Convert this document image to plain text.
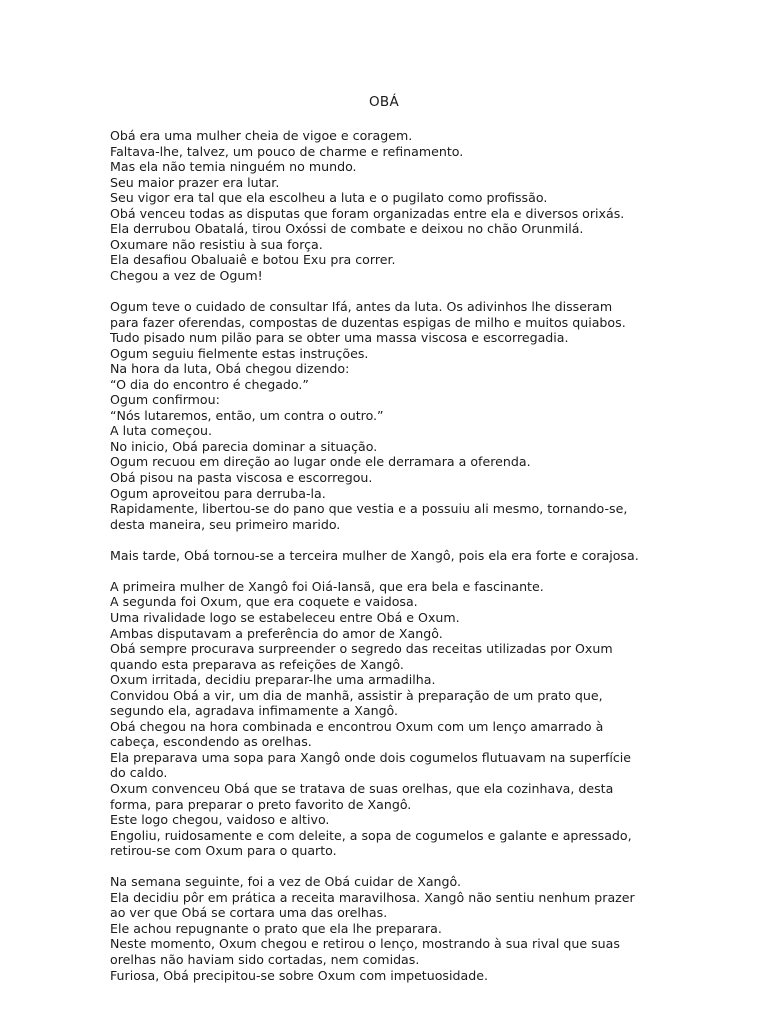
OBÁ
Obá era uma mulher cheia de vigoe e coragem.
Faltava-lhe, talvez, um pouco de charme e refinamento.
Mas ela não temia ninguém no mundo.
Seu maior prazer era lutar.
Seu vigor era tal que ela escolheu a luta e o pugilato como profissão.
Obá venceu todas as disputas que foram organizadas entre ela e diversos orixás.
Ela derrubou Obatalá, tirou Oxóssi de combate e deixou no chão Orunmilá.
Oxumare não resistiu à sua força.
Ela desafiou Obaluaiê e botou Exu pra correr.
Chegou a vez de Ogum!
Ogum teve o cuidado de consultar Ifá, antes da luta. Os adivinhos lhe disseram
para fazer oferendas, compostas de duzentas espigas de milho e muitos quiabos.
Tudo pisado num pilão para se obter uma massa viscosa e escorregadia.
Ogum seguiu fielmente estas instruções.
Na hora da luta, Obá chegou dizendo:
“O dia do encontro é chegado.”
Ogum confirmou:
“Nós lutaremos, então, um contra o outro.”
A luta começou.
No inicio, Obá parecia dominar a situação.
Ogum recuou em direção ao lugar onde ele derramara a oferenda.
Obá pisou na pasta viscosa e escorregou.
Ogum aproveitou para derruba-la.
Rapidamente, libertou-se do pano que vestia e a possuiu ali mesmo, tornando-se,
desta maneira, seu primeiro marido.
Mais tarde, Obá tornou-se a terceira mulher de Xangô, pois ela era forte e corajosa.
A primeira mulher de Xangô foi Oiá-Iansã, que era bela e fascinante.
A segunda foi Oxum, que era coquete e vaidosa.
Uma rivalidade logo se estabeleceu entre Obá e Oxum.
Ambas disputavam a preferência do amor de Xangô.
Obá sempre procurava surpreender o segredo das receitas utilizadas por Oxum
quando esta preparava as refeições de Xangô.
Oxum irritada, decidiu preparar-lhe uma armadilha.
Convidou Obá a vir, um dia de manhã, assistir à preparação de um prato que,
segundo ela, agradava infimamente a Xangô.
Obá chegou na hora combinada e encontrou Oxum com um lenço amarrado à
cabeça, escondendo as orelhas.
Ela preparava uma sopa para Xangô onde dois cogumelos flutuavam na superfície
do caldo.
Oxum convenceu Obá que se tratava de suas orelhas, que ela cozinhava, desta
forma, para preparar o preto favorito de Xangô.
Este logo chegou, vaidoso e altivo.
Engoliu, ruidosamente e com deleite, a sopa de cogumelos e galante e apressado,
retirou-se com Oxum para o quarto.
Na semana seguinte, foi a vez de Obá cuidar de Xangô.
Ela decidiu pôr em prática a receita maravilhosa. Xangô não sentiu nenhum prazer
ao ver que Obá se cortara uma das orelhas.
Ele achou repugnante o prato que ela lhe preparara.
Neste momento, Oxum chegou e retirou o lenço, mostrando à sua rival que suas
orelhas não haviam sido cortadas, nem comidas.
Furiosa, Obá precipitou-se sobre Oxum com impetuosidade.
